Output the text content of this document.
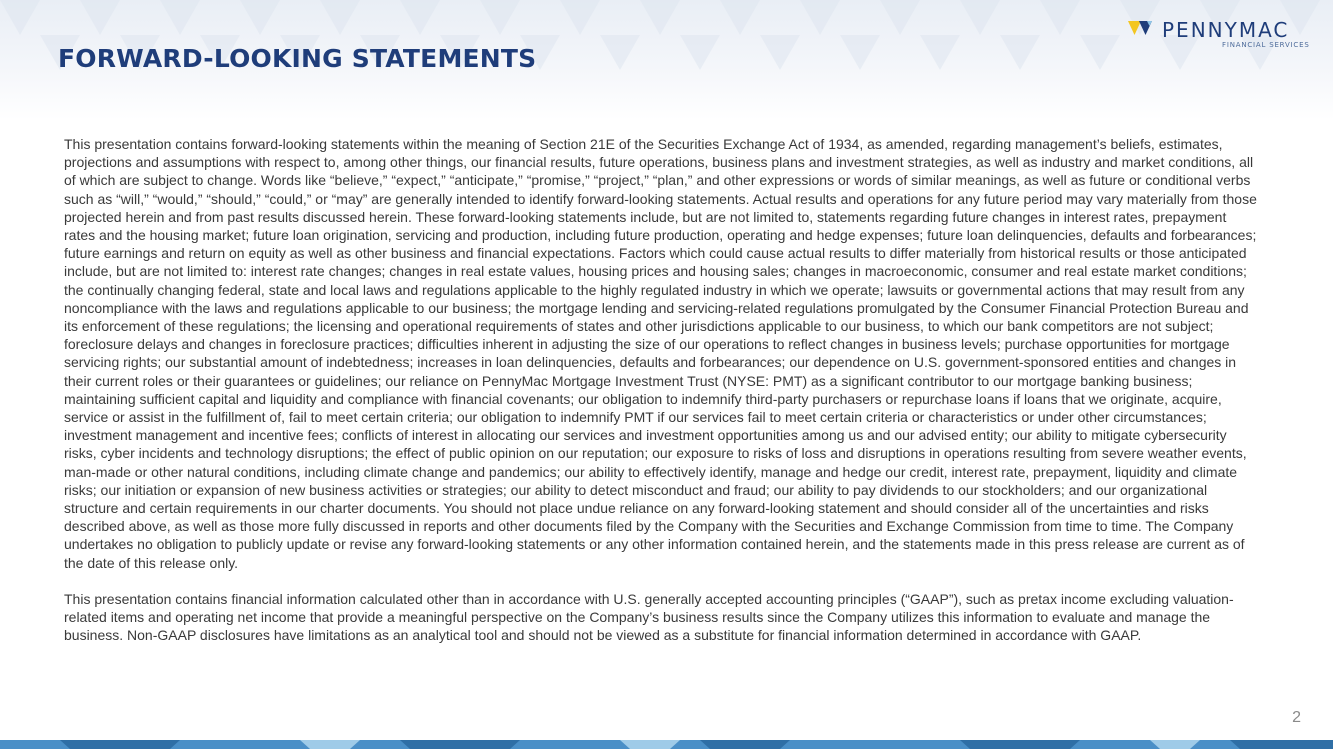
FORWARD-LOOKING STATEMENTS
PENNYMAC
FINANCIAL SERVICES

This presentation contains forward-looking statements within the meaning of Section 21E of the Securities Exchange Act of 1934, as amended, regarding management’s beliefs, estimates, projections and assumptions with respect to, among other things, our financial results, future operations, business plans and investment strategies, as well as industry and market conditions, all of which are subject to change. Words like “believe,” “expect,” “anticipate,” “promise,” “project,” “plan,” and other expressions or words of similar meanings, as well as future or conditional verbs such as “will,” “would,” “should,” “could,” or “may” are generally intended to identify forward-looking statements. Actual results and operations for any future period may vary materially from those projected herein and from past results discussed herein. These forward-looking statements include, but are not limited to, statements regarding future changes in interest rates, prepayment rates and the housing market; future loan origination, servicing and production, including future production, operating and hedge expenses; future loan delinquencies, defaults and forbearances; future earnings and return on equity as well as other business and financial expectations. Factors which could cause actual results to differ materially from historical results or those anticipated include, but are not limited to: interest rate changes; changes in real estate values, housing prices and housing sales; changes in macroeconomic, consumer and real estate market conditions; the continually changing federal, state and local laws and regulations applicable to the highly regulated industry in which we operate; lawsuits or governmental actions that may result from any noncompliance with the laws and regulations applicable to our business; the mortgage lending and servicing-related regulations promulgated by the Consumer Financial Protection Bureau and its enforcement of these regulations; the licensing and operational requirements of states and other jurisdictions applicable to our business, to which our bank competitors are not subject; foreclosure delays and changes in foreclosure practices; difficulties inherent in adjusting the size of our operations to reflect changes in business levels; purchase opportunities for mortgage servicing rights; our substantial amount of indebtedness; increases in loan delinquencies, defaults and forbearances; our dependence on U.S. government-sponsored entities and changes in their current roles or their guarantees or guidelines; our reliance on PennyMac Mortgage Investment Trust (NYSE: PMT) as a significant contributor to our mortgage banking business; maintaining sufficient capital and liquidity and compliance with financial covenants; our obligation to indemnify third-party purchasers or repurchase loans if loans that we originate, acquire, service or assist in the fulfillment of, fail to meet certain criteria; our obligation to indemnify PMT if our services fail to meet certain criteria or characteristics or under other circumstances; investment management and incentive fees; conflicts of interest in allocating our services and investment opportunities among us and our advised entity; our ability to mitigate cybersecurity risks, cyber incidents and technology disruptions; the effect of public opinion on our reputation; our exposure to risks of loss and disruptions in operations resulting from severe weather events, man-made or other natural conditions, including climate change and pandemics; our ability to effectively identify, manage and hedge our credit, interest rate, prepayment, liquidity and climate risks; our initiation or expansion of new business activities or strategies; our ability to detect misconduct and fraud; our ability to pay dividends to our stockholders; and our organizational structure and certain requirements in our charter documents. You should not place undue reliance on any forward-looking statement and should consider all of the uncertainties and risks described above, as well as those more fully discussed in reports and other documents filed by the Company with the Securities and Exchange Commission from time to time. The Company undertakes no obligation to publicly update or revise any forward-looking statements or any other information contained herein, and the statements made in this press release are current as of the date of this release only.

This presentation contains financial information calculated other than in accordance with U.S. generally accepted accounting principles (“GAAP”), such as pretax income excluding valuation-related items and operating net income that provide a meaningful perspective on the Company’s business results since the Company utilizes this information to evaluate and manage the business. Non-GAAP disclosures have limitations as an analytical tool and should not be viewed as a substitute for financial information determined in accordance with GAAP.

2
